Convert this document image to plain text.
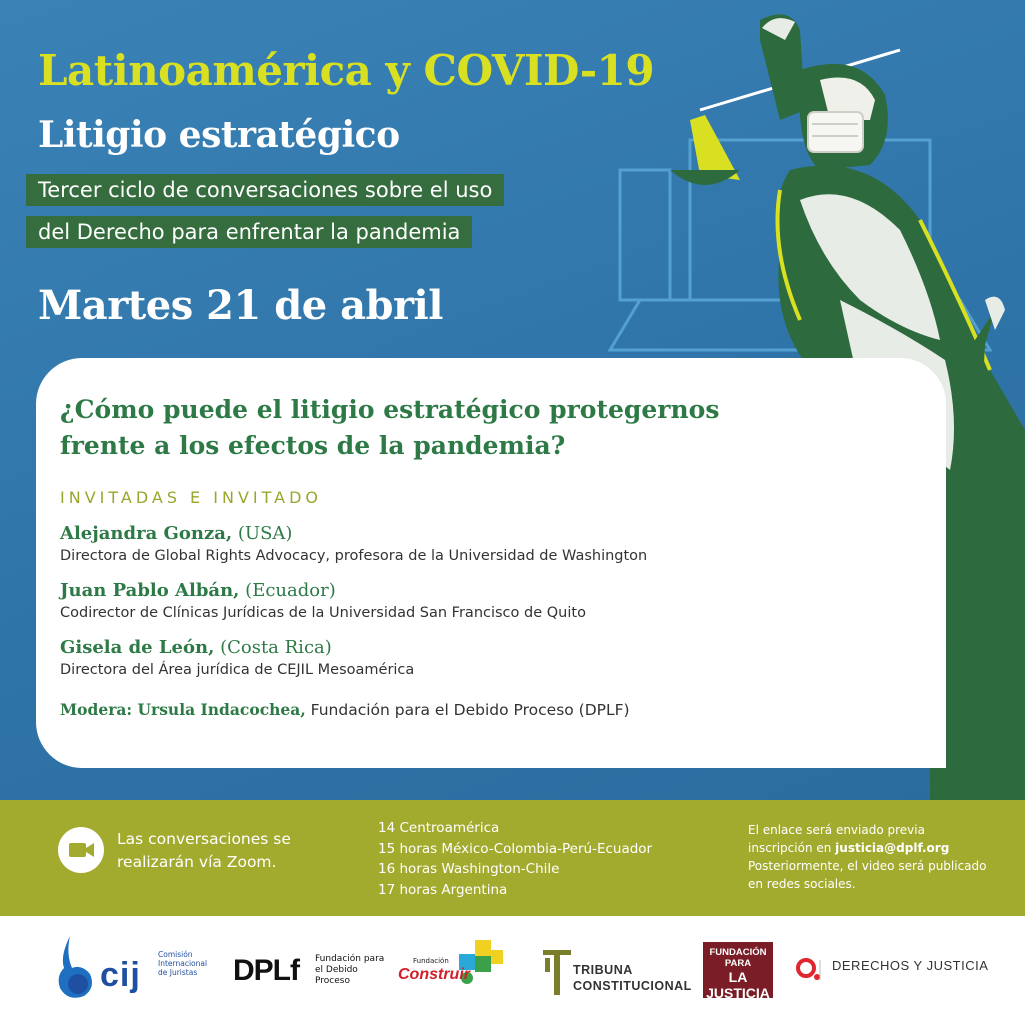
Latinoamérica y COVID-19
Litigio estratégico
Tercer ciclo de conversaciones sobre el uso
del Derecho para enfrentar la pandemia
Martes 21 de abril
¿Cómo puede el litigio estratégico protegernos
frente a los efectos de la pandemia?
INVITADAS E INVITADO
Alejandra Gonza, (USA)
Directora de Global Rights Advocacy, profesora de la Universidad de Washington
Juan Pablo Albán, (Ecuador)
Codirector de Clínicas Jurídicas de la Universidad San Francisco de Quito
Gisela de León, (Costa Rica)
Directora del Área jurídica de CEJIL Mesoamérica
Modera: Ursula Indacochea, Fundación para el Debido Proceso (DPLF)
Las conversaciones se
realizarán vía Zoom.
14 Centroamérica
15 horas México-Colombia-Perú-Ecuador
16 horas Washington-Chile
17 horas Argentina
El enlace será enviado previa
inscripción en justicia@dplf.org
Posteriormente, el video será publicado
en redes sociales.
cij
Comisión Internacional de Juristas	DPLf Fundación para el Debido Proceso
Fundación
Construir	TRIBUNA
CONSTITUCIONAL
FUNDACIÓN PARA
LA JUSTICIA
Y EL ESTADO DEMOCRÁTICO DE DERECHO
DERECHOS Y JUSTICIA
